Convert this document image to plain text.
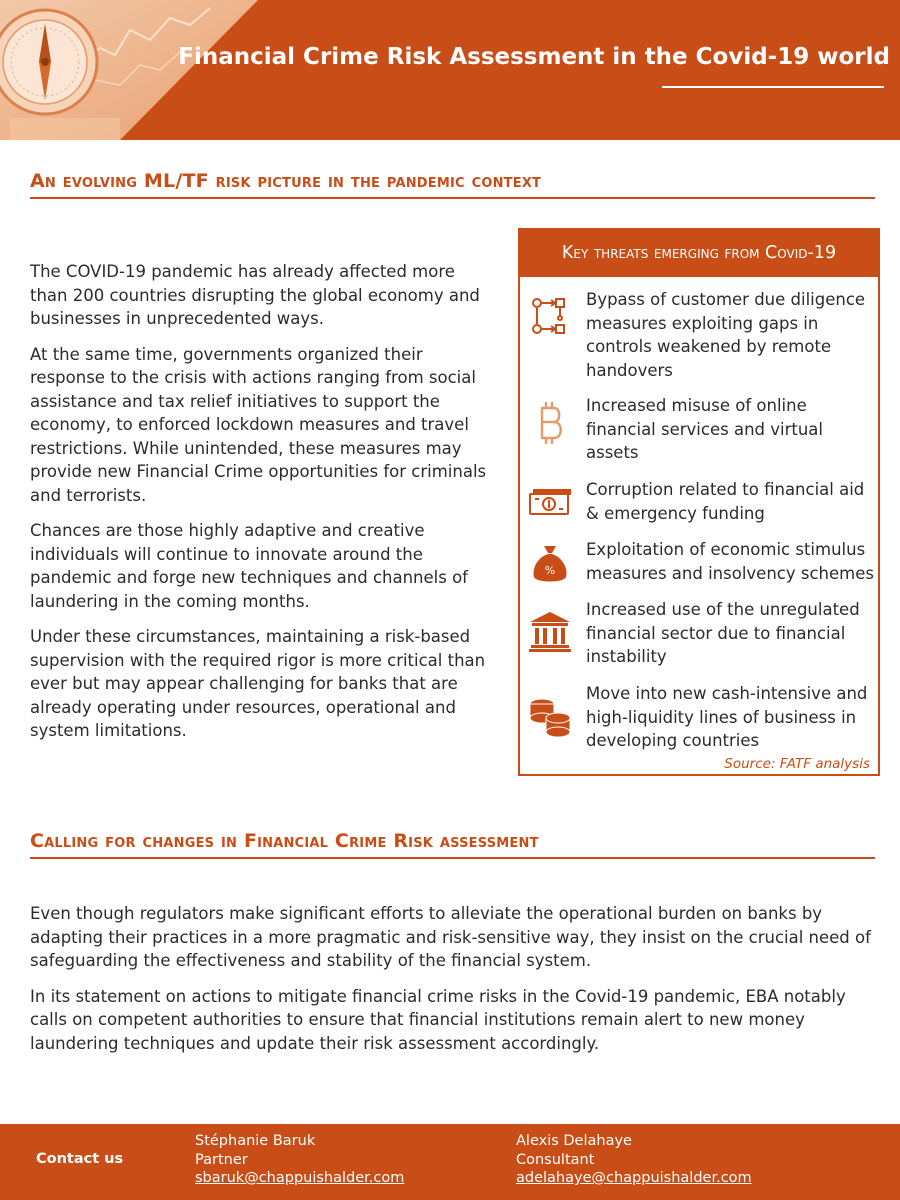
Financial Crime Risk Assessment in the Covid-19 world
An evolving ML/TF risk picture in the pandemic context

The COVID-19 pandemic has already affected more than 200 countries disrupting the global economy and businesses in unprecedented ways.

At the same time, governments organized their response to the crisis with actions ranging from social assistance and tax relief initiatives to support the economy, to enforced lockdown measures and travel restrictions. While unintended, these measures may provide new Financial Crime opportunities for criminals and terrorists.

Chances are those highly adaptive and creative individuals will continue to innovate around the pandemic and forge new techniques and channels of laundering in the coming months.

Under these circumstances, maintaining a risk-based supervision with the required rigor is more critical than ever but may appear challenging for banks that are already operating under resources, operational and system limitations.

Key threats emerging from Covid-19
Bypass of customer due diligence measures exploiting gaps in controls weakened by remote handovers
Increased misuse of online financial services and virtual assets
Corruption related to financial aid & emergency funding
%
Exploitation of economic stimulus measures and insolvency schemes
Increased use of the unregulated financial sector due to financial instability
Move into new cash-intensive and high-liquidity lines of business in developing countries
Source: FATF analysis
Calling for changes in Financial Crime Risk assessment

Even though regulators make significant efforts to alleviate the operational burden on banks by adapting their practices in a more pragmatic and risk-sensitive way, they insist on the crucial need of safeguarding the effectiveness and stability of the financial system.

In its statement on actions to mitigate financial crime risks in the Covid-19 pandemic, EBA notably calls on competent authorities to ensure that financial institutions remain alert to new money laundering techniques and update their risk assessment accordingly.

Contact us
Stéphanie Baruk
Partner
sbaruk@chappuishalder.com
Alexis Delahaye
Consultant
adelahaye@chappuishalder.com
